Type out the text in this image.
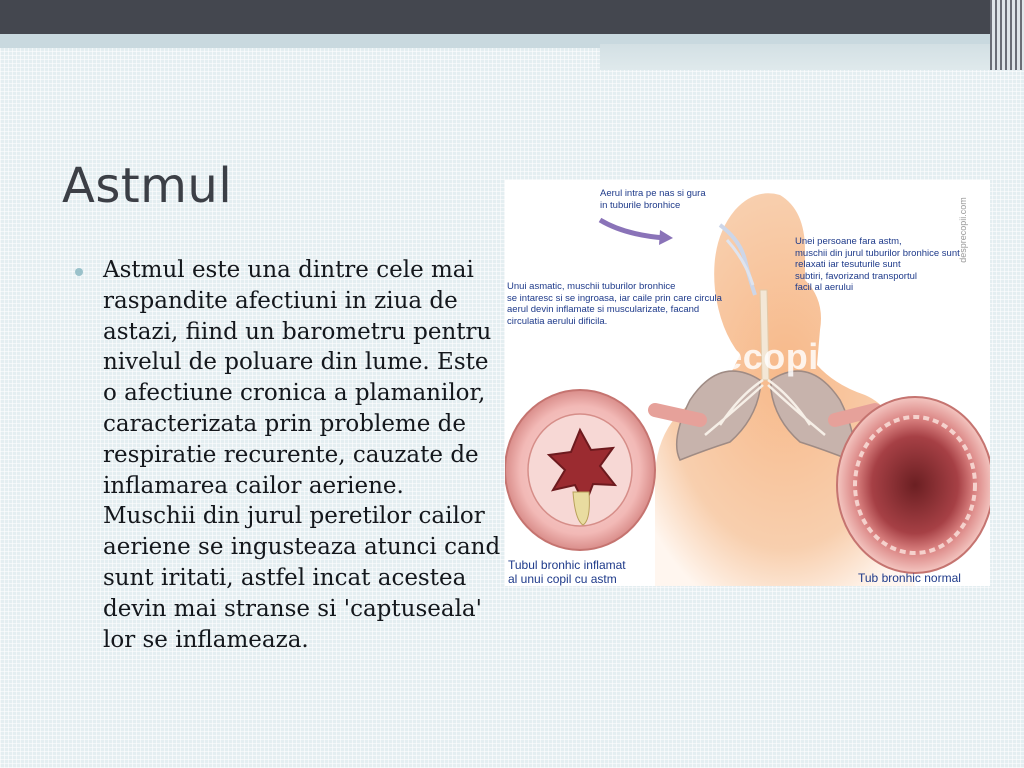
Astmul

Astmul este una dintre cele mai raspandite afectiuni in ziua de astazi, fiind un barometru pentru nivelul de poluare din lume. Este o afectiune cronica a plamanilor, caracterizata prin probleme de respiratie recurente, cauzate de inflamarea cailor aeriene. Muschii din jurul peretilor cailor aeriene se ingusteaza atunci cand sunt iritati, astfel incat acestea devin mai stranse si 'captuseala' lor se inflameaza.

Aerul intra pe nas si gura
in tuburile bronhice
Unei persoane fara astm,
muschii din jurul tuburilor bronhice sunt
relaxati iar tesuturile sunt
subtiri, favorizand transportul
facil al aerului
Unui asmatic, muschii tuburilor bronhice
se intaresc si se ingroasa, iar caile prin care circula
aerul devin inflamate si muscularizate, facand
circulatia aerului dificila.
www.desprecopii.com
desprecopii.com
Tubul bronhic inflamat
al unui copil cu astm	Tub bronhic normal
